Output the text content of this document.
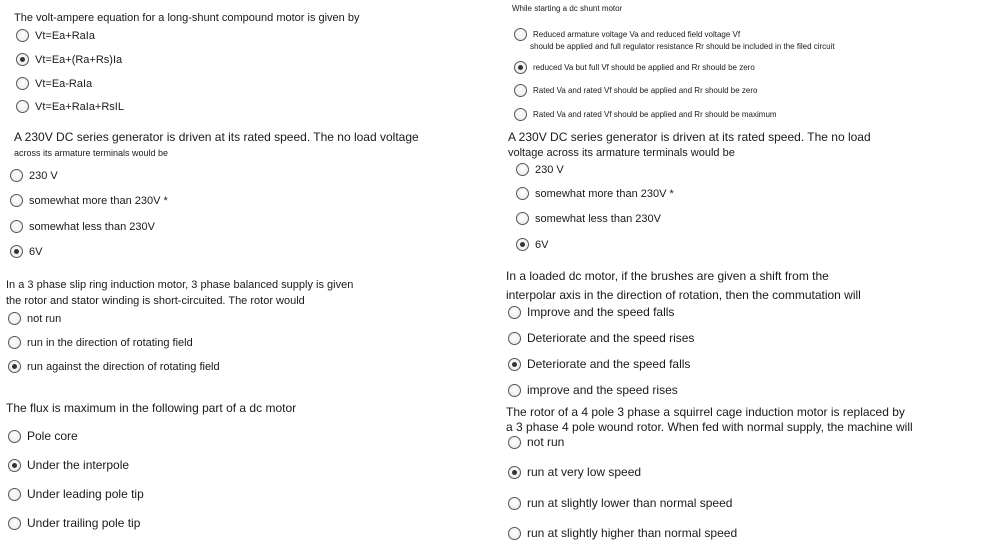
The volt-ampere equation for a long-shunt compound motor is given by
Vt=Ea+RaIa
Vt=Ea+(Ra+Rs)Ia
Vt=Ea-RaIa
Vt=Ea+RaIa+RsIL
A 230V DC series generator is driven at its rated speed. The no load voltage
across its armature terminals would be
230 V
somewhat more than 230V *
somewhat less than 230V
6V
In a 3 phase slip ring induction motor, 3 phase balanced supply is given
the rotor and stator winding is short-circuited. The rotor would
not run
run in the direction of rotating field
run against the direction of rotating field
The flux is maximum in the following part of a dc motor
Pole core
Under the interpole
Under leading pole tip
Under trailing pole tip
While starting a dc shunt motor
Reduced armature voltage Va and reduced field voltage Vf
should be applied and full regulator resistance Rr should be included in the filed circuit
reduced Va but full Vf should be applied and Rr should be zero
Rated Va and rated Vf should be applied and Rr should be zero
Rated Va and rated Vf should be applied and Rr should be maximum
A 230V DC series generator is driven at its rated speed. The no load
voltage across its armature terminals would be
230 V
somewhat more than 230V *
somewhat less than 230V
6V
In a loaded dc motor, if the brushes are given a shift from the
interpolar axis in the direction of rotation, then the commutation will
Improve and the speed falls
Deteriorate and the speed rises
Deteriorate and the speed falls
improve and the speed rises
The rotor of a 4 pole 3 phase a squirrel cage induction motor is replaced by
a 3 phase 4 pole wound rotor. When fed with normal supply, the machine will
not run
run at very low speed
run at slightly lower than normal speed
run at slightly higher than normal speed
